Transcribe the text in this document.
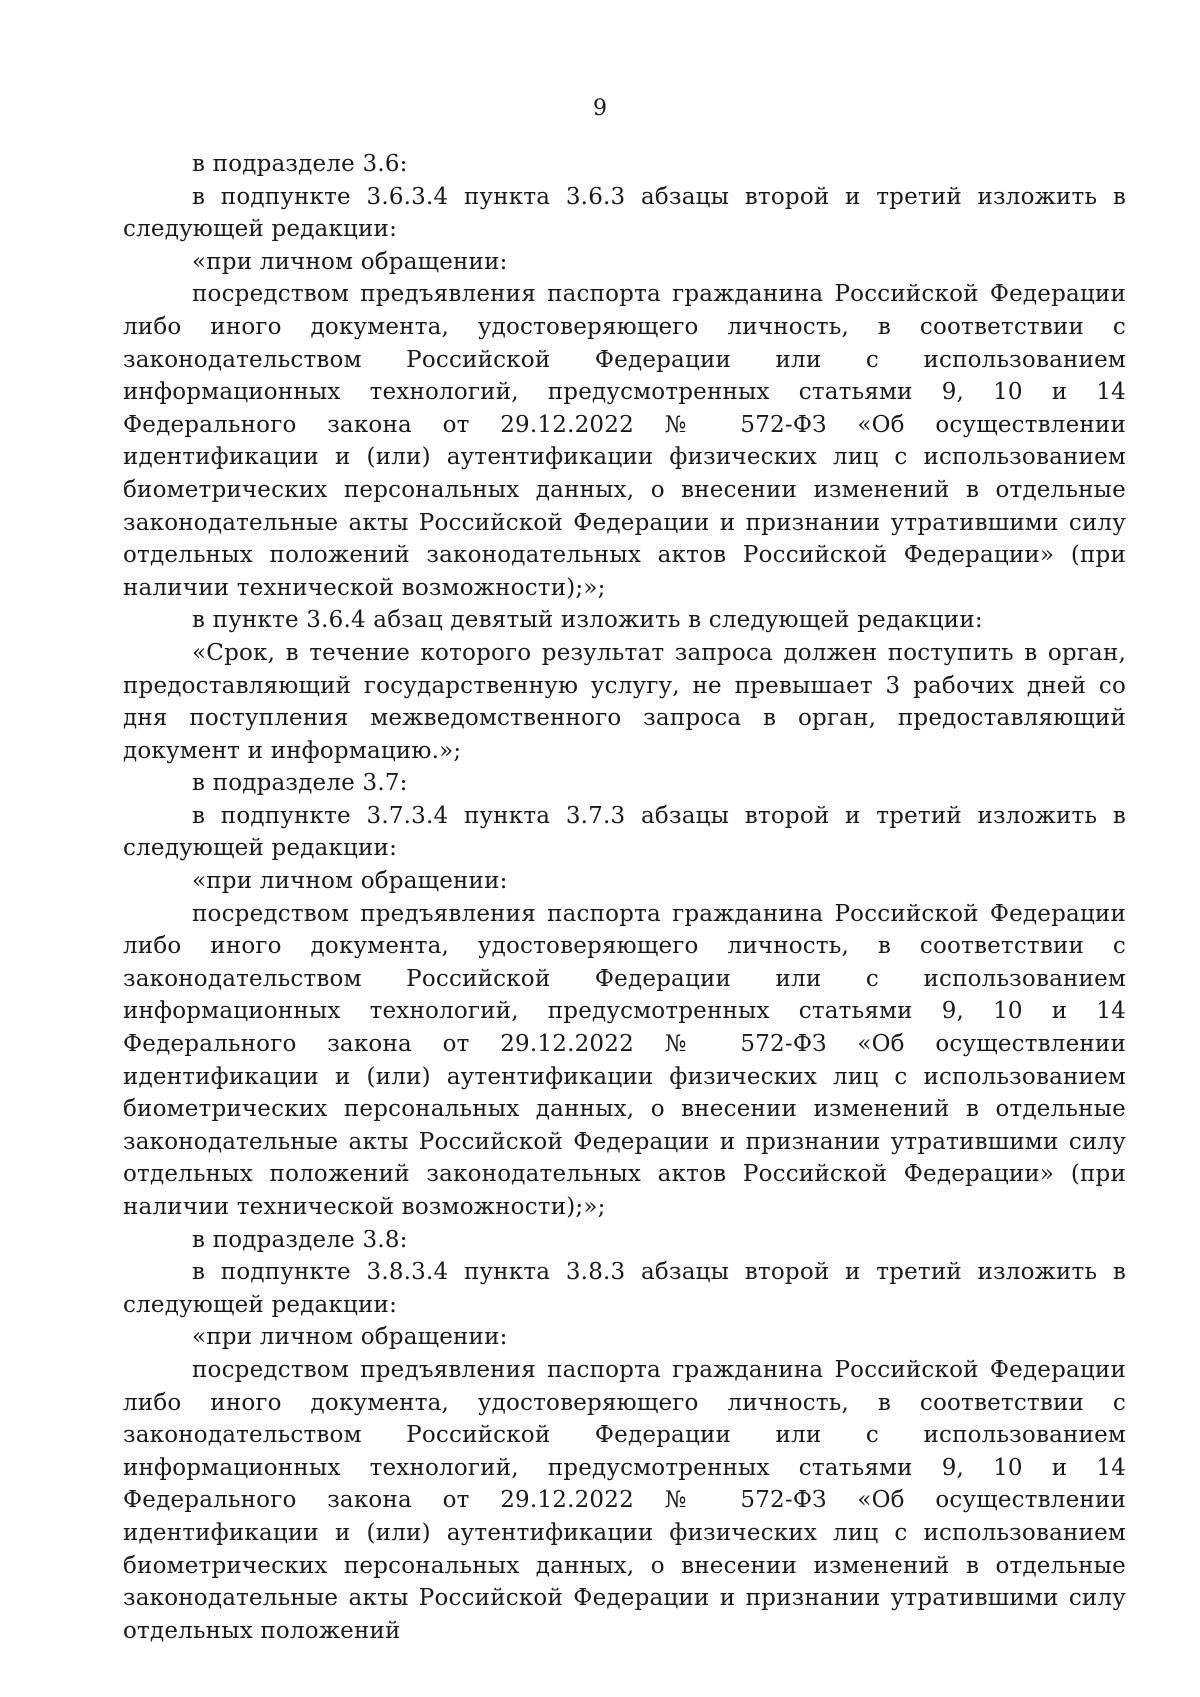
9

в подразделе 3.6:

в подпункте 3.6.3.4 пункта 3.6.3 абзацы второй и третий изложить в следующей редакции:

«при личном обращении:

посредством предъявления паспорта гражданина Российской Федерации либо иного документа, удостоверяющего личность, в соответствии с законодательством Российской Федерации или с использованием информационных технологий, предусмотренных статьями 9, 10 и 14 Федерального закона от 29.12.2022 № 572-ФЗ «Об осуществлении идентификации и (или) аутентификации физических лиц с использованием биометрических персональных данных, о внесении изменений в отдельные законодательные акты Российской Федерации и признании утратившими силу отдельных положений законодательных актов Российской Федерации» (при наличии технической возможности);»;

в пункте 3.6.4 абзац девятый изложить в следующей редакции:

«Срок, в течение которого результат запроса должен поступить в орган, предоставляющий государственную услугу, не превышает 3 рабочих дней со дня поступления межведомственного запроса в орган, предоставляющий документ и информацию.»;

в подразделе 3.7:

в подпункте 3.7.3.4 пункта 3.7.3 абзацы второй и третий изложить в следующей редакции:

«при личном обращении:

посредством предъявления паспорта гражданина Российской Федерации либо иного документа, удостоверяющего личность, в соответствии с законодательством Российской Федерации или с использованием информационных технологий, предусмотренных статьями 9, 10 и 14 Федерального закона от 29.12.2022 № 572-ФЗ «Об осуществлении идентификации и (или) аутентификации физических лиц с использованием биометрических персональных данных, о внесении изменений в отдельные законодательные акты Российской Федерации и признании утратившими силу отдельных положений законодательных актов Российской Федерации» (при наличии технической возможности);»;

в подразделе 3.8:

в подпункте 3.8.3.4 пункта 3.8.3 абзацы второй и третий изложить в следующей редакции:

«при личном обращении:

посредством предъявления паспорта гражданина Российской Федерации либо иного документа, удостоверяющего личность, в соответствии с законодательством Российской Федерации или с использованием информационных технологий, предусмотренных статьями 9, 10 и 14 Федерального закона от 29.12.2022 № 572-ФЗ «Об осуществлении идентификации и (или) аутентификации физических лиц с использованием биометрических персональных данных, о внесении изменений в отдельные законодательные акты Российской Федерации и признании утратившими силу отдельных положений
